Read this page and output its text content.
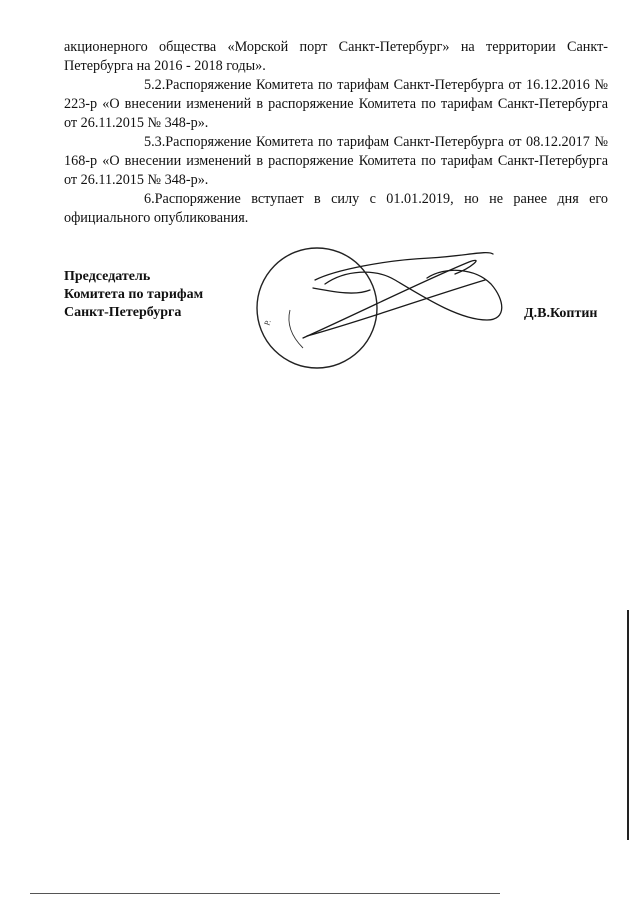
акционерного общества «Морской порт Санкт-Петербург» на территории Санкт-Петербурга на 2016 - 2018 годы».

5.2.Распоряжение Комитета по тарифам Санкт-Петербурга от 16.12.2016 № 223-р «О внесении изменений в распоряжение Комитета по тарифам Санкт-Петербурга от 26.11.2015 № 348-р».

5.3.Распоряжение Комитета по тарифам Санкт-Петербурга от 08.12.2017 № 168-р «О внесении изменений в распоряжение Комитета по тарифам Санкт-Петербурга от 26.11.2015 № 348-р».

6.Распоряжение вступает в силу с 01.01.2019, но не ранее дня его официального опубликования.

Председатель
Комитета по тарифам
Санкт-Петербурга
Р.
Д.В.Коптин
